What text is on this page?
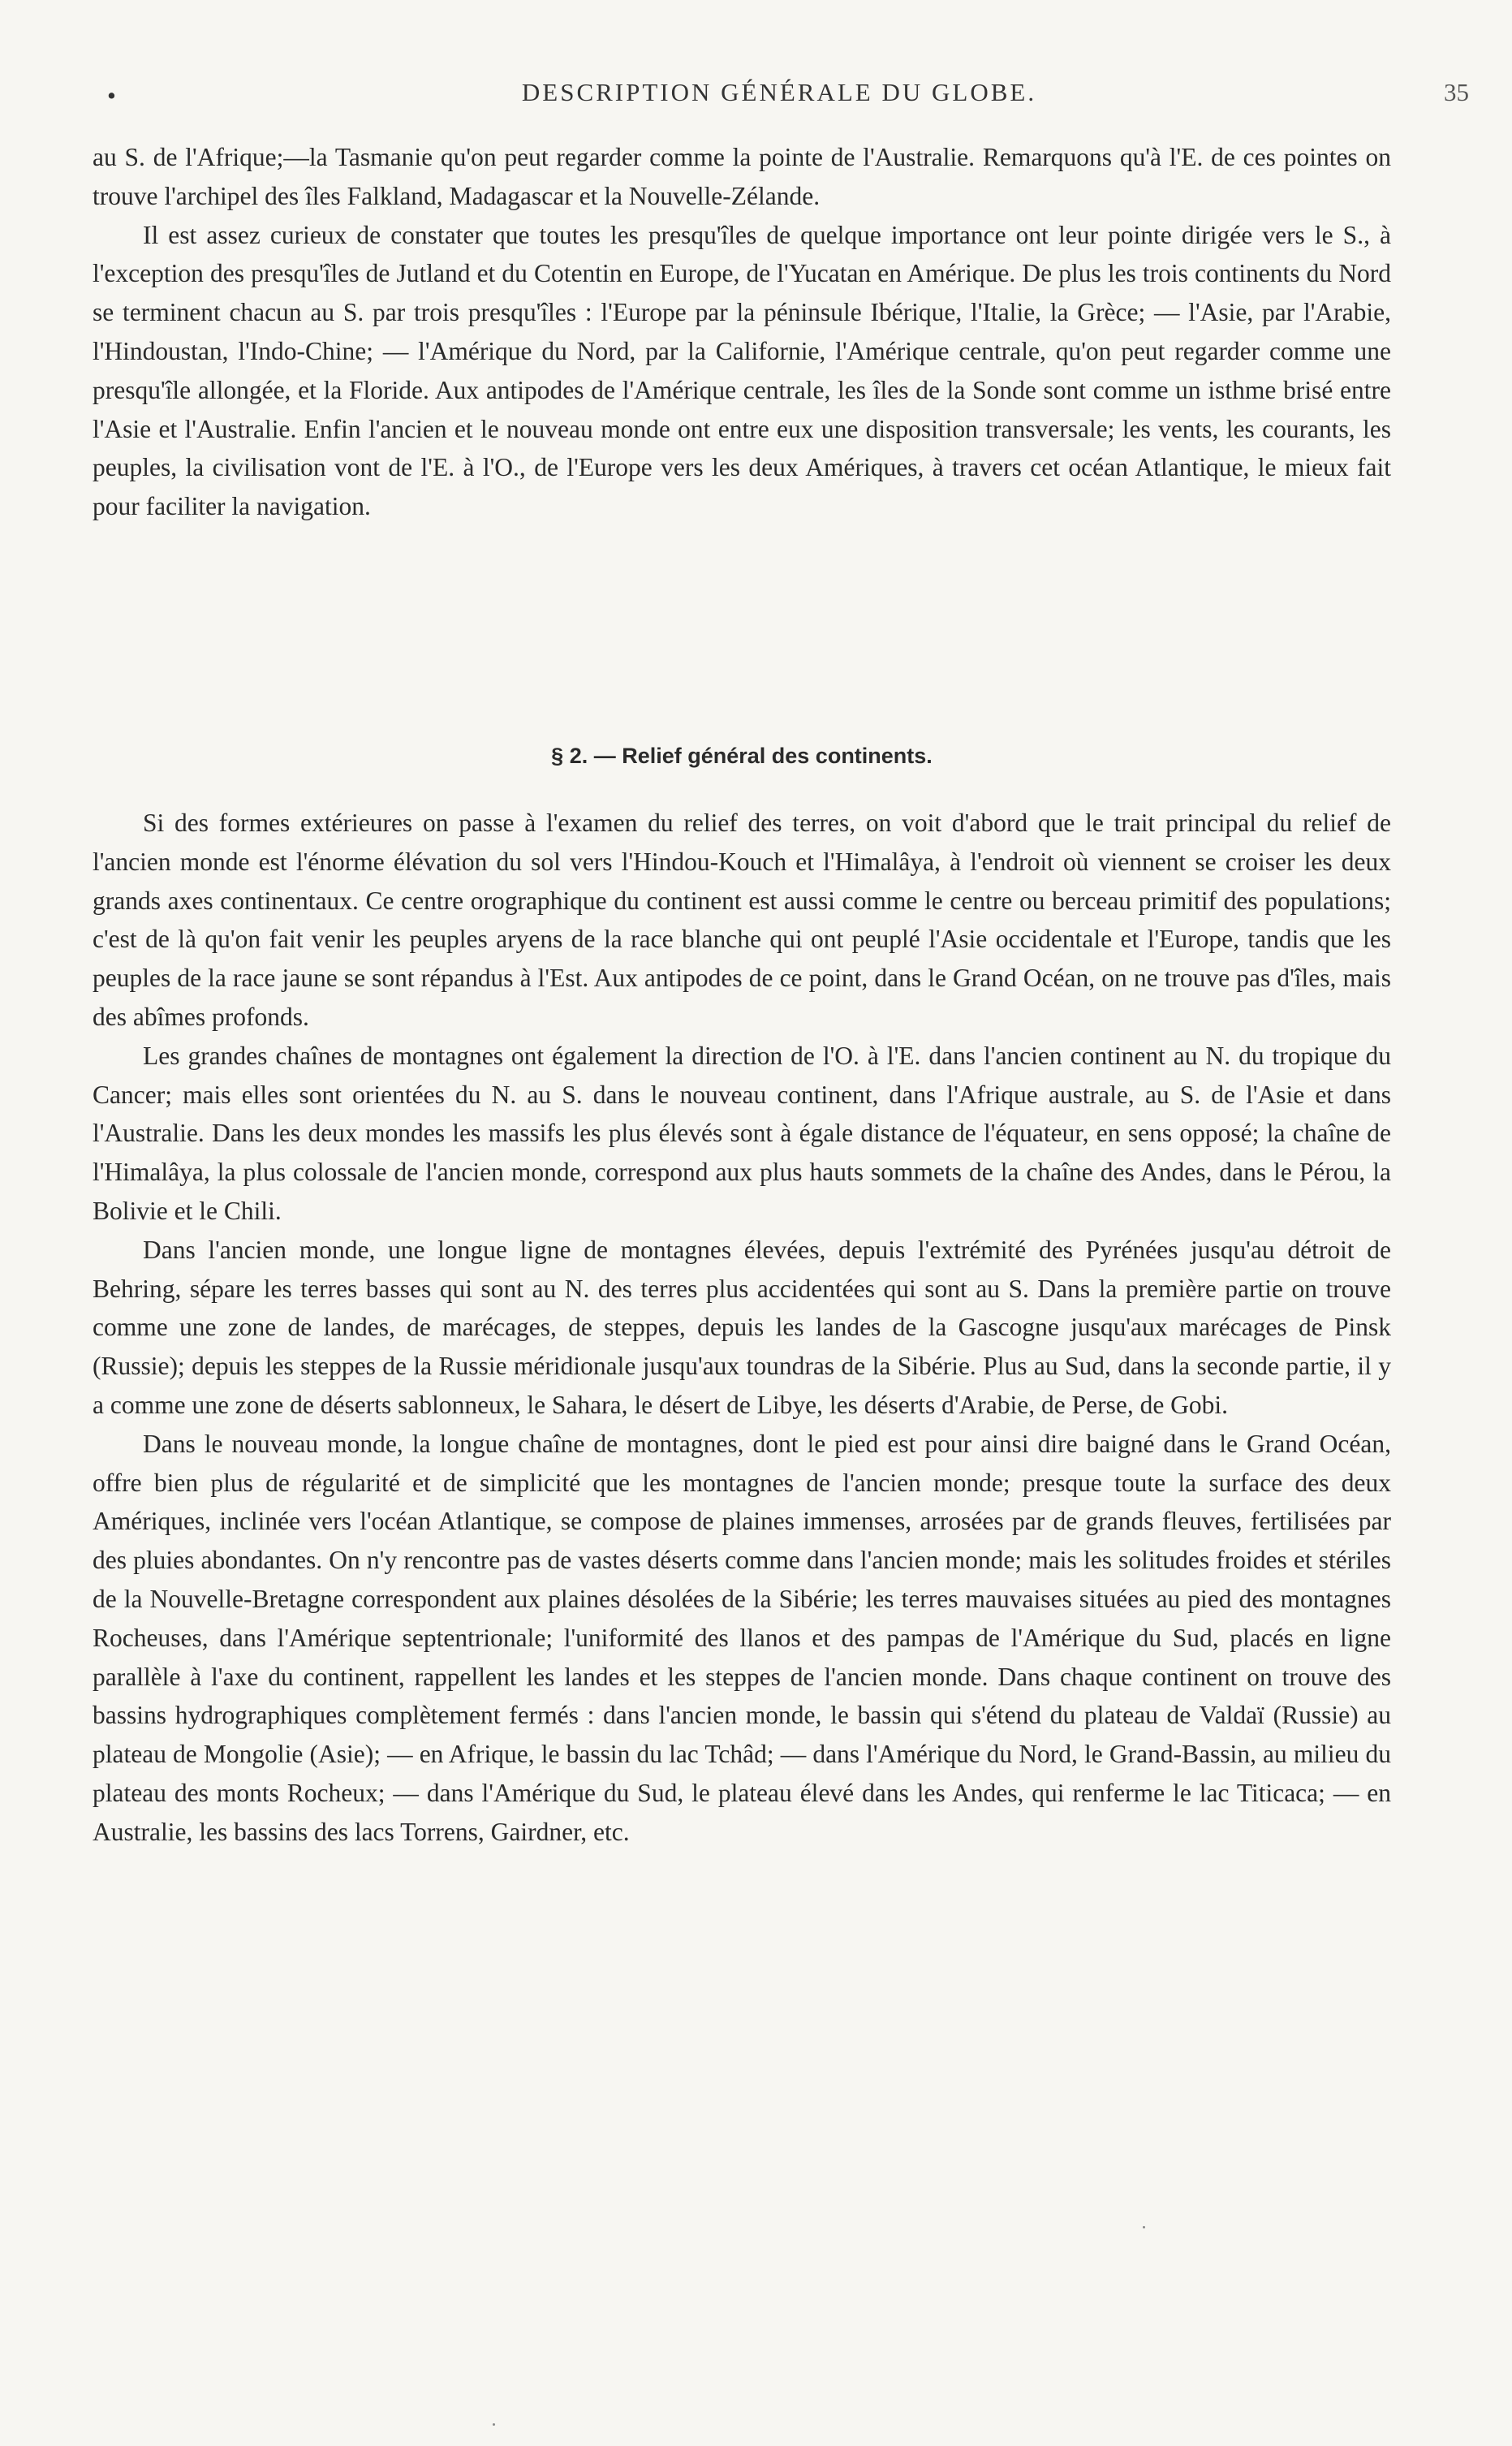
•	DESCRIPTION GÉNÉRALE DU GLOBE.	35

au S. de l'Afrique;—la Tasmanie qu'on peut regarder comme la pointe de l'Australie. Remarquons qu'à l'E. de ces pointes on trouve l'archipel des îles Falkland, Madagascar et la Nouvelle-Zélande.

Il est assez curieux de constater que toutes les presqu'îles de quelque importance ont leur pointe dirigée vers le S., à l'exception des presqu'îles de Jutland et du Cotentin en Europe, de l'Yucatan en Amérique. De plus les trois continents du Nord se terminent chacun au S. par trois presqu'îles : l'Europe par la péninsule Ibérique, l'Italie, la Grèce; — l'Asie, par l'Arabie, l'Hindoustan, l'Indo-Chine; — l'Amérique du Nord, par la Californie, l'Amérique centrale, qu'on peut regarder comme une presqu'île allongée, et la Floride. Aux antipodes de l'Amérique centrale, les îles de la Sonde sont comme un isthme brisé entre l'Asie et l'Australie. Enfin l'ancien et le nouveau monde ont entre eux une disposition transversale; les vents, les courants, les peuples, la civilisation vont de l'E. à l'O., de l'Europe vers les deux Amériques, à travers cet océan Atlantique, le mieux fait pour faciliter la navigation.

§ 2. — Relief général des continents.

Si des formes extérieures on passe à l'examen du relief des terres, on voit d'abord que le trait principal du relief de l'ancien monde est l'énorme élévation du sol vers l'Hindou-Kouch et l'Himalâya, à l'endroit où viennent se croiser les deux grands axes continentaux. Ce centre orographique du continent est aussi comme le centre ou berceau primitif des populations; c'est de là qu'on fait venir les peuples aryens de la race blanche qui ont peuplé l'Asie occidentale et l'Europe, tandis que les peuples de la race jaune se sont répandus à l'Est. Aux antipodes de ce point, dans le Grand Océan, on ne trouve pas d'îles, mais des abîmes profonds.

Les grandes chaînes de montagnes ont également la direction de l'O. à l'E. dans l'ancien continent au N. du tropique du Cancer; mais elles sont orientées du N. au S. dans le nouveau continent, dans l'Afrique australe, au S. de l'Asie et dans l'Australie. Dans les deux mondes les massifs les plus élevés sont à égale distance de l'équateur, en sens opposé; la chaîne de l'Himalâya, la plus colossale de l'ancien monde, correspond aux plus hauts sommets de la chaîne des Andes, dans le Pérou, la Bolivie et le Chili.

Dans l'ancien monde, une longue ligne de montagnes élevées, depuis l'extrémité des Pyrénées jusqu'au détroit de Behring, sépare les terres basses qui sont au N. des terres plus accidentées qui sont au S. Dans la première partie on trouve comme une zone de landes, de marécages, de steppes, depuis les landes de la Gascogne jusqu'aux marécages de Pinsk (Russie); depuis les steppes de la Russie méridionale jusqu'aux toundras de la Sibérie. Plus au Sud, dans la seconde partie, il y a comme une zone de déserts sablonneux, le Sahara, le désert de Libye, les déserts d'Arabie, de Perse, de Gobi.

Dans le nouveau monde, la longue chaîne de montagnes, dont le pied est pour ainsi dire baigné dans le Grand Océan, offre bien plus de régularité et de simplicité que les montagnes de l'ancien monde; presque toute la surface des deux Amériques, inclinée vers l'océan Atlantique, se compose de plaines immenses, arrosées par de grands fleuves, fertilisées par des pluies abondantes. On n'y rencontre pas de vastes déserts comme dans l'ancien monde; mais les solitudes froides et stériles de la Nouvelle-Bretagne correspondent aux plaines désolées de la Sibérie; les terres mauvaises situées au pied des montagnes Rocheuses, dans l'Amérique septentrionale; l'uniformité des llanos et des pampas de l'Amérique du Sud, placés en ligne parallèle à l'axe du continent, rappellent les landes et les steppes de l'ancien monde. Dans chaque continent on trouve des bassins hydrographiques complètement fermés : dans l'ancien monde, le bassin qui s'étend du plateau de Valdaï (Russie) au plateau de Mongolie (Asie); — en Afrique, le bassin du lac Tchâd; — dans l'Amérique du Nord, le Grand-Bassin, au milieu du plateau des monts Rocheux; — dans l'Amérique du Sud, le plateau élevé dans les Andes, qui renferme le lac Titicaca; — en Australie, les bassins des lacs Torrens, Gairdner, etc.
